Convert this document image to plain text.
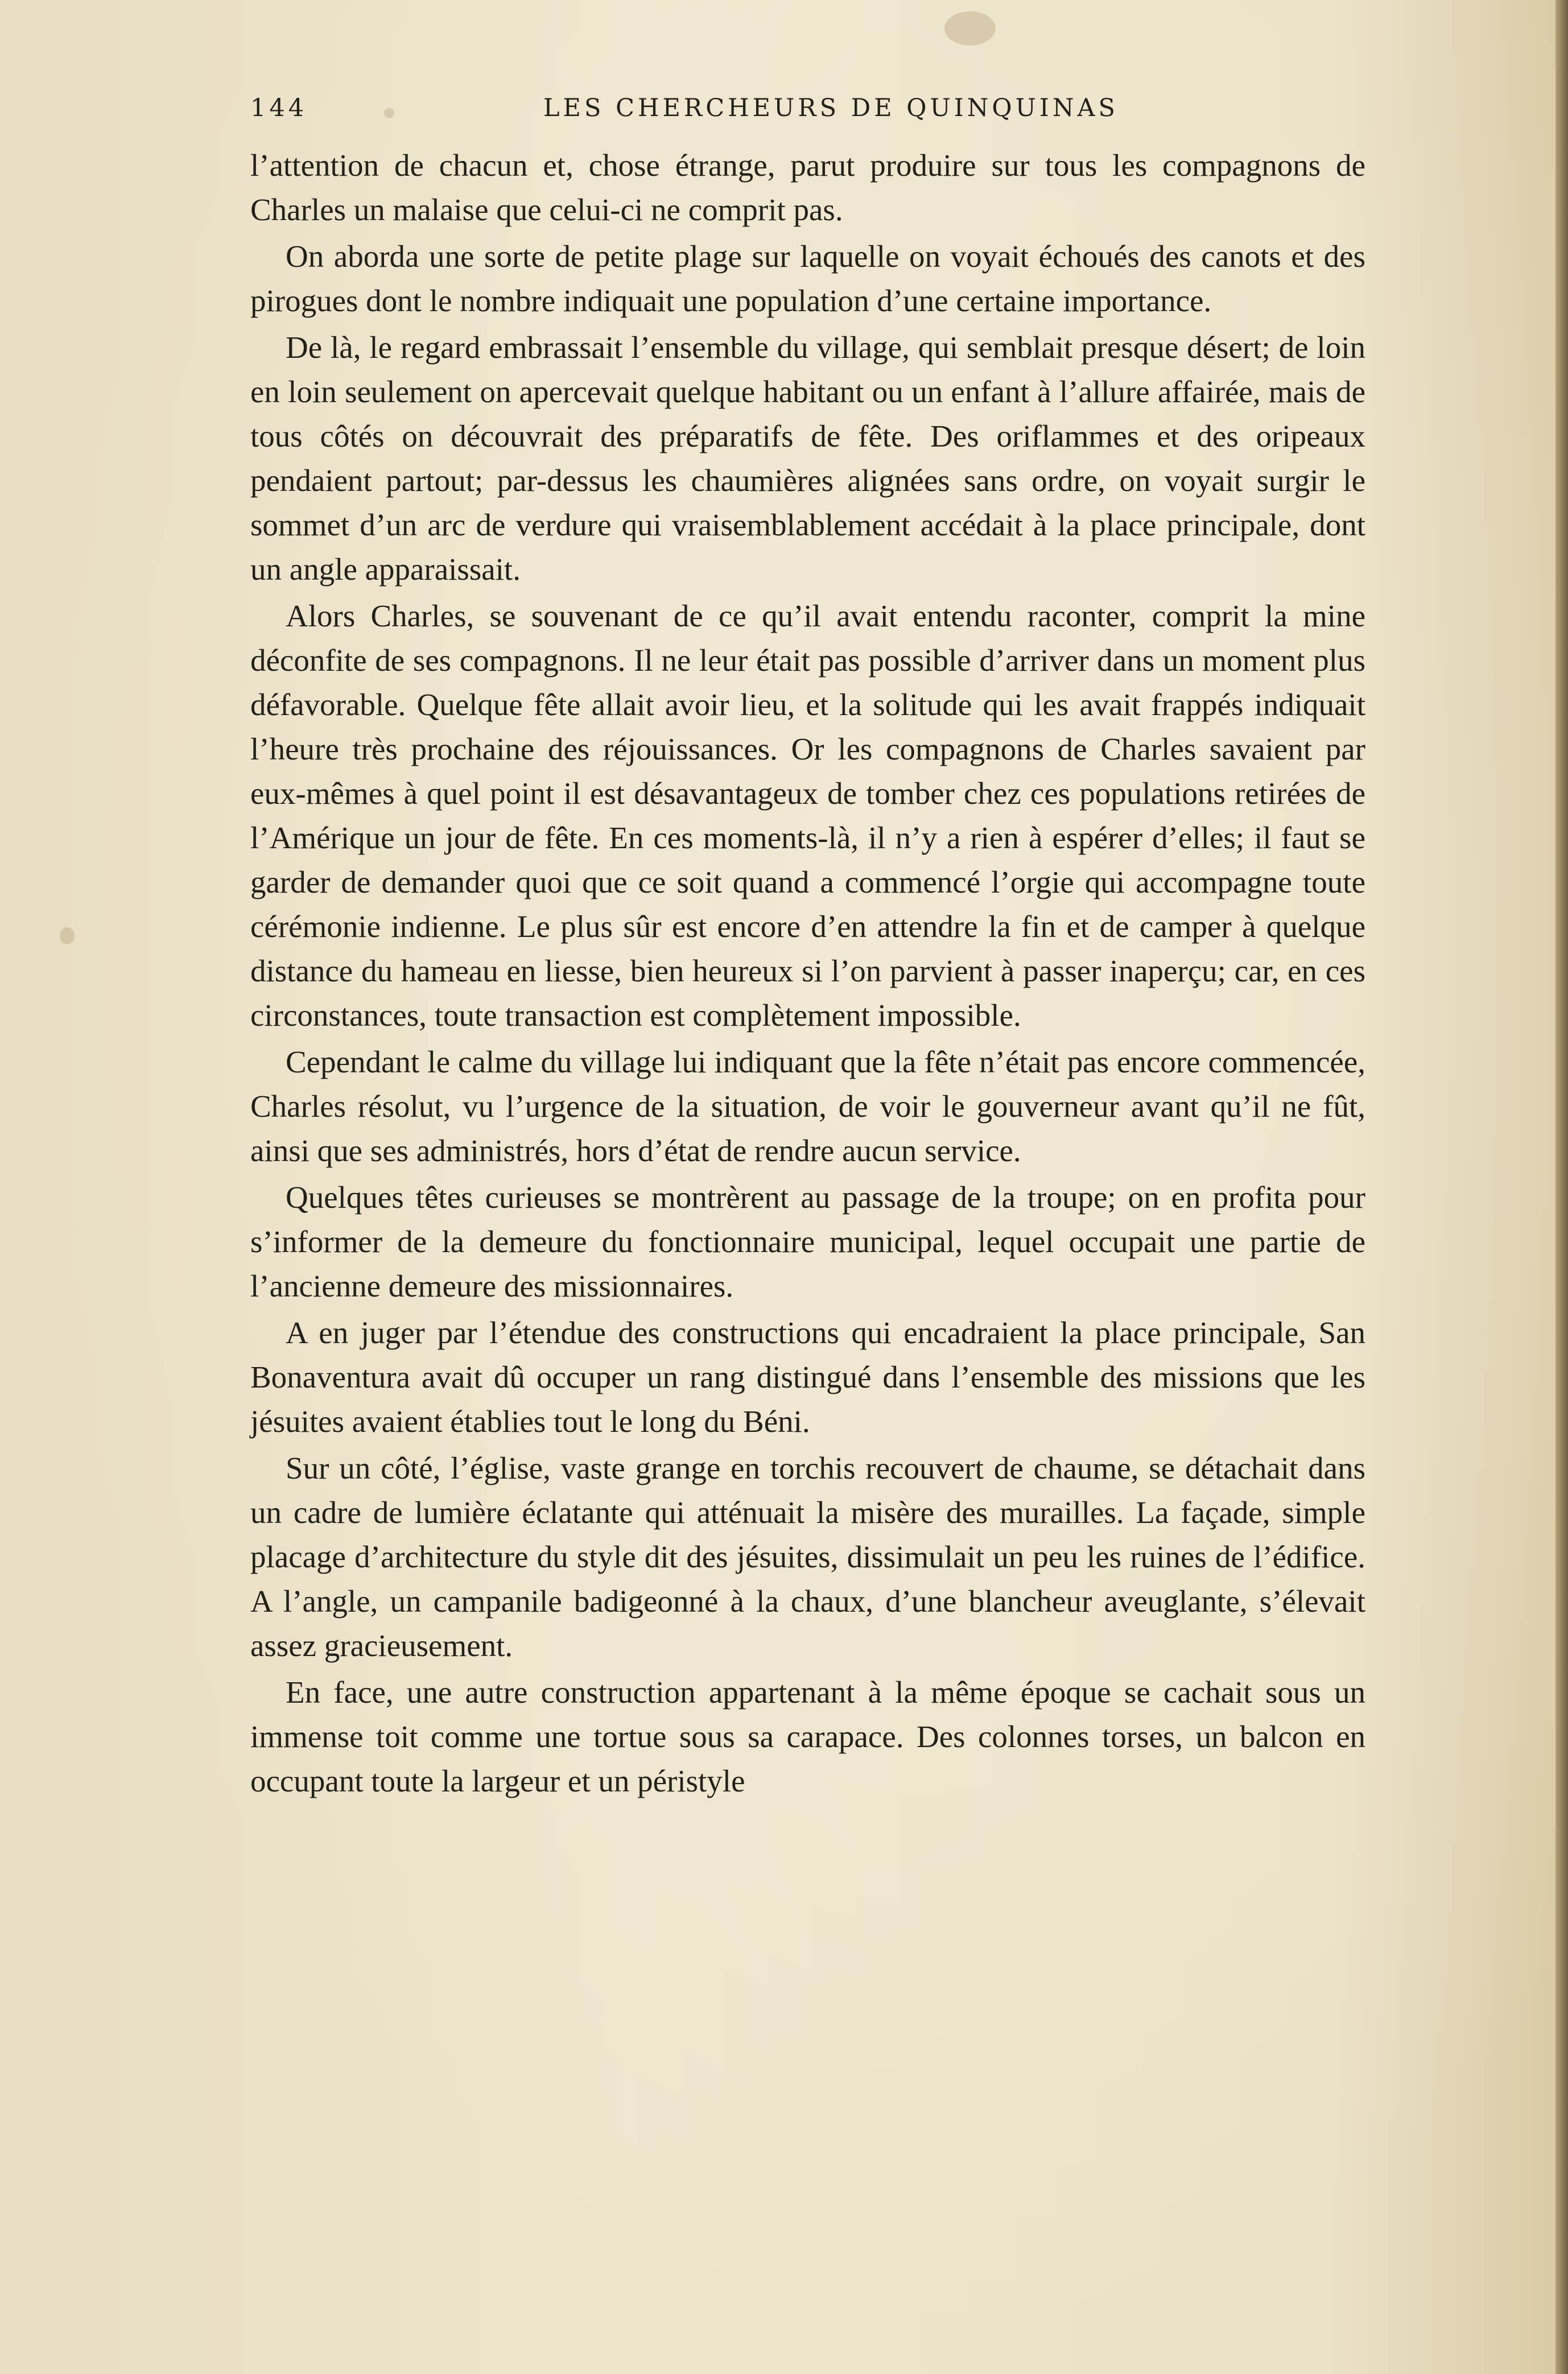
144	LES CHERCHEURS DE QUINQUINAS

l’attention de chacun et, chose étrange, parut produire sur tous les compagnons de Charles un malaise que celui-ci ne comprit pas.

On aborda une sorte de petite plage sur laquelle on voyait échoués des canots et des pirogues dont le nombre indiquait une population d’une certaine importance.

De là, le regard embrassait l’ensemble du village, qui semblait presque désert; de loin en loin seulement on apercevait quelque habitant ou un enfant à l’allure affairée, mais de tous côtés on découvrait des préparatifs de fête. Des oriflammes et des oripeaux pendaient partout; par-dessus les chaumières alignées sans ordre, on voyait surgir le sommet d’un arc de verdure qui vraisemblablement accédait à la place principale, dont un angle apparaissait.

Alors Charles, se souvenant de ce qu’il avait entendu raconter, comprit la mine déconfite de ses compagnons. Il ne leur était pas possible d’arriver dans un moment plus défavorable. Quelque fête allait avoir lieu, et la solitude qui les avait frappés indiquait l’heure très prochaine des réjouissances. Or les compagnons de Charles savaient par eux-mêmes à quel point il est désavantageux de tomber chez ces populations retirées de l’Amérique un jour de fête. En ces moments-là, il n’y a rien à espérer d’elles; il faut se garder de demander quoi que ce soit quand a commencé l’orgie qui accompagne toute cérémonie indienne. Le plus sûr est encore d’en attendre la fin et de camper à quelque distance du hameau en liesse, bien heureux si l’on parvient à passer inaperçu; car, en ces circonstances, toute transaction est complètement impossible.

Cependant le calme du village lui indiquant que la fête n’était pas encore commencée, Charles résolut, vu l’urgence de la situation, de voir le gouverneur avant qu’il ne fût, ainsi que ses administrés, hors d’état de rendre aucun service.

Quelques têtes curieuses se montrèrent au passage de la troupe; on en profita pour s’informer de la demeure du fonctionnaire municipal, lequel occupait une partie de l’ancienne demeure des missionnaires.

A en juger par l’étendue des constructions qui encadraient la place principale, San Bonaventura avait dû occuper un rang distingué dans l’ensemble des missions que les jésuites avaient établies tout le long du Béni.

Sur un côté, l’église, vaste grange en torchis recouvert de chaume, se détachait dans un cadre de lumière éclatante qui atténuait la misère des murailles. La façade, simple placage d’architecture du style dit des jésuites, dissimulait un peu les ruines de l’édifice. A l’angle, un campanile badigeonné à la chaux, d’une blancheur aveuglante, s’élevait assez gracieusement.

En face, une autre construction appartenant à la même époque se cachait sous un immense toit comme une tortue sous sa carapace. Des colonnes torses, un balcon en occupant toute la largeur et un péristyle
